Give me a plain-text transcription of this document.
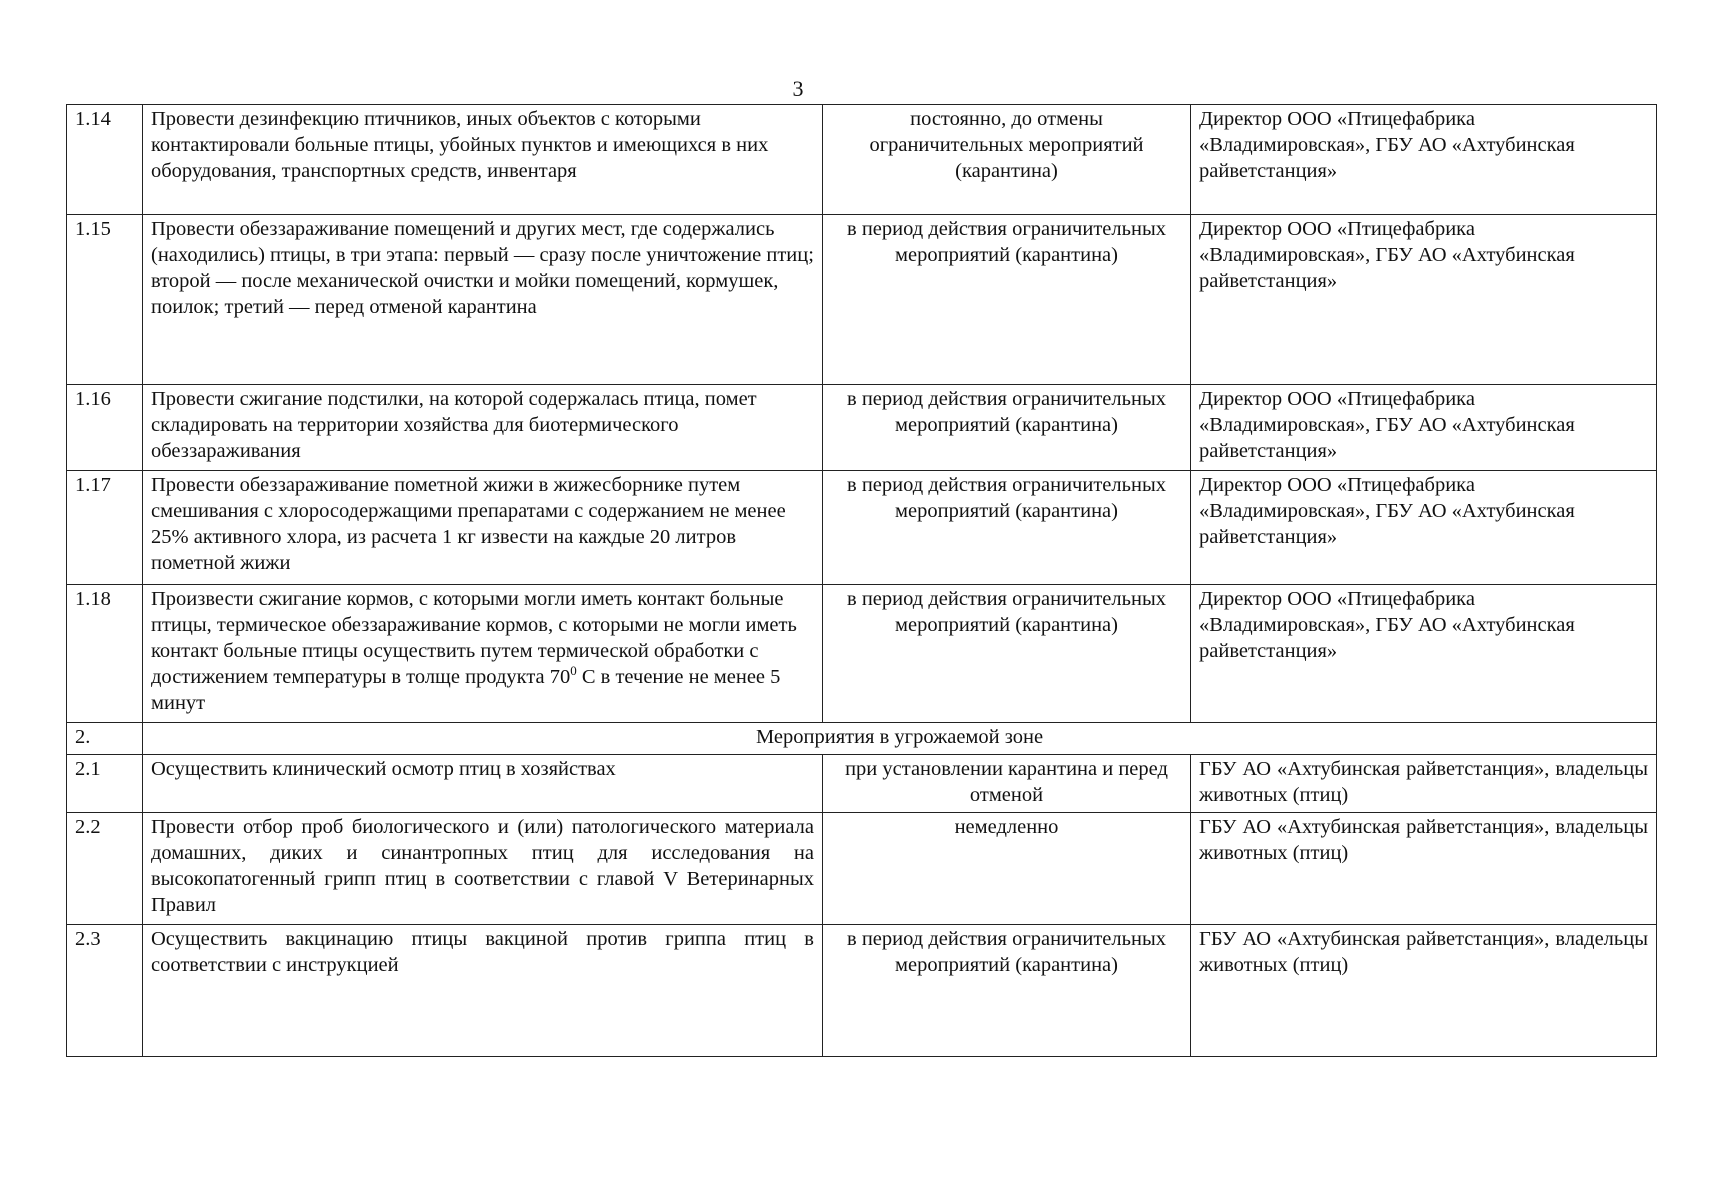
3
1.14	Провести дезинфекцию птичников, иных объектов с которыми контактировали больные птицы, убойных пунктов и имеющихся в них оборудования, транспортных средств, инвентаря	постоянно, до отмены ограничительных мероприятий (карантина)	Директор ООО «Птицефабрика «Владимировская», ГБУ АО «Ахтубинская райветстанция»
1.15	Провести обеззараживание помещений и других мест, где содержались (находились) птицы, в три этапа: первый — сразу после уничтожение птиц; второй — после механической очистки и мойки помещений, кормушек, поилок; третий — перед отменой карантина	в период действия ограничительных мероприятий (карантина)	Директор ООО «Птицефабрика «Владимировская», ГБУ АО «Ахтубинская райветстанция»
1.16	Провести сжигание подстилки, на которой содержалась птица, помет складировать на территории хозяйства для биотермического обеззараживания	в период действия ограничительных мероприятий (карантина)	Директор ООО «Птицефабрика «Владимировская», ГБУ АО «Ахтубинская райветстанция»
1.17	Провести обеззараживание пометной жижи в жижесборнике путем смешивания с хлоросодержащими препаратами с содержанием не менее 25% активного хлора, из расчета 1 кг извести на каждые 20 литров пометной жижи	в период действия ограничительных мероприятий (карантина)	Директор ООО «Птицефабрика «Владимировская», ГБУ АО «Ахтубинская райветстанция»
1.18	Произвести сжигание кормов, с которыми могли иметь контакт больные птицы, термическое обеззараживание кормов, с которыми не могли иметь контакт больные птицы осуществить путем термической обработки с достижением температуры в толще продукта $70^0$ С в течение не менее 5 минут	в период действия ограничительных мероприятий (карантина)	Директор ООО «Птицефабрика «Владимировская», ГБУ АО «Ахтубинская райветстанция»
2.	Мероприятия в угрожаемой зоне		
2.1	Осуществить клинический осмотр птиц в хозяйствах	при установлении карантина и перед отменой	ГБУ АО «Ахтубинская райветстанция», владельцы животных (птиц)
2.2	Провести отбор проб биологического и (или) патологического материала домашних, диких и синантропных птиц для исследования на высокопатогенный грипп птиц в соответствии с главой V Ветеринарных Правил	немедленно	ГБУ АО «Ахтубинская райветстанция», владельцы животных (птиц)
2.3	Осуществить вакцинацию птицы вакциной против гриппа птиц в соответствии с инструкцией	в период действия ограничительных мероприятий (карантина)	ГБУ АО «Ахтубинская райветстанция», владельцы животных (птиц)
